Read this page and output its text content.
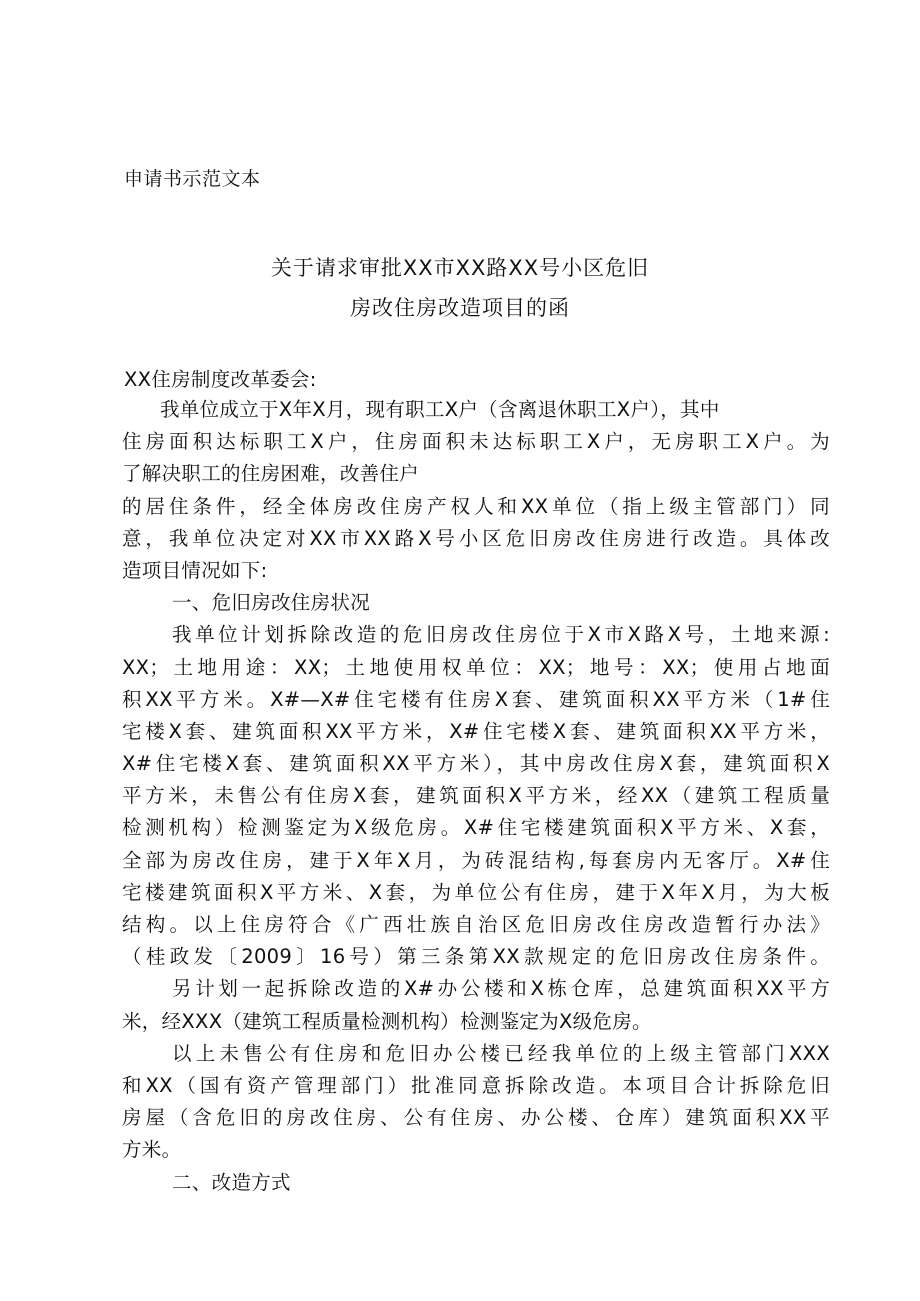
申请书示范文本
关于请求审批XX市XX路XX号小区危旧
房改住房改造项目的函
XX住房制度改革委会:
我单位成立于X年X月，现有职工X户（含离退休职工X户），其中
住房面积达标职工X户，住房面积未达标职工X户，无房职工X户。为
了解决职工的住房困难，改善住户
的居住条件，经全体房改住房产权人和XX单位（指上级主管部门）同
意，我单位决定对XX市XX路X号小区危旧房改住房进行改造。具体改
造项目情况如下:
一、危旧房改住房状况
我单位计划拆除改造的危旧房改住房位于X市X路X号，土地来源:
XX；土地用途：XX；土地使用权单位：XX；地号：XX；使用占地面
积XX平方米。X#—X#住宅楼有住房X套、建筑面积XX平方米（1#住
宅楼X套、建筑面积XX平方米，X#住宅楼X套、建筑面积XX平方米，
X#住宅楼X套、建筑面积XX平方米），其中房改住房X套，建筑面积X
平方米，未售公有住房X套，建筑面积X平方米，经XX（建筑工程质量
检测机构）检测鉴定为X级危房。X#住宅楼建筑面积X平方米、X套，
全部为房改住房，建于X年X月，为砖混结构,每套房内无客厅。X#住
宅楼建筑面积X平方米、X套，为单位公有住房，建于X年X月，为大板
结构。以上住房符合《广西壮族自治区危旧房改住房改造暂行办法》
（桂政发〔2009〕16号）第三条第XX款规定的危旧房改住房条件。
另计划一起拆除改造的X#办公楼和X栋仓库，总建筑面积XX平方
米，经XXX（建筑工程质量检测机构）检测鉴定为X级危房。
以上未售公有住房和危旧办公楼已经我单位的上级主管部门XXX
和XX（国有资产管理部门）批准同意拆除改造。本项目合计拆除危旧
房屋（含危旧的房改住房、公有住房、办公楼、仓库）建筑面积XX平
方米。
二、改造方式
